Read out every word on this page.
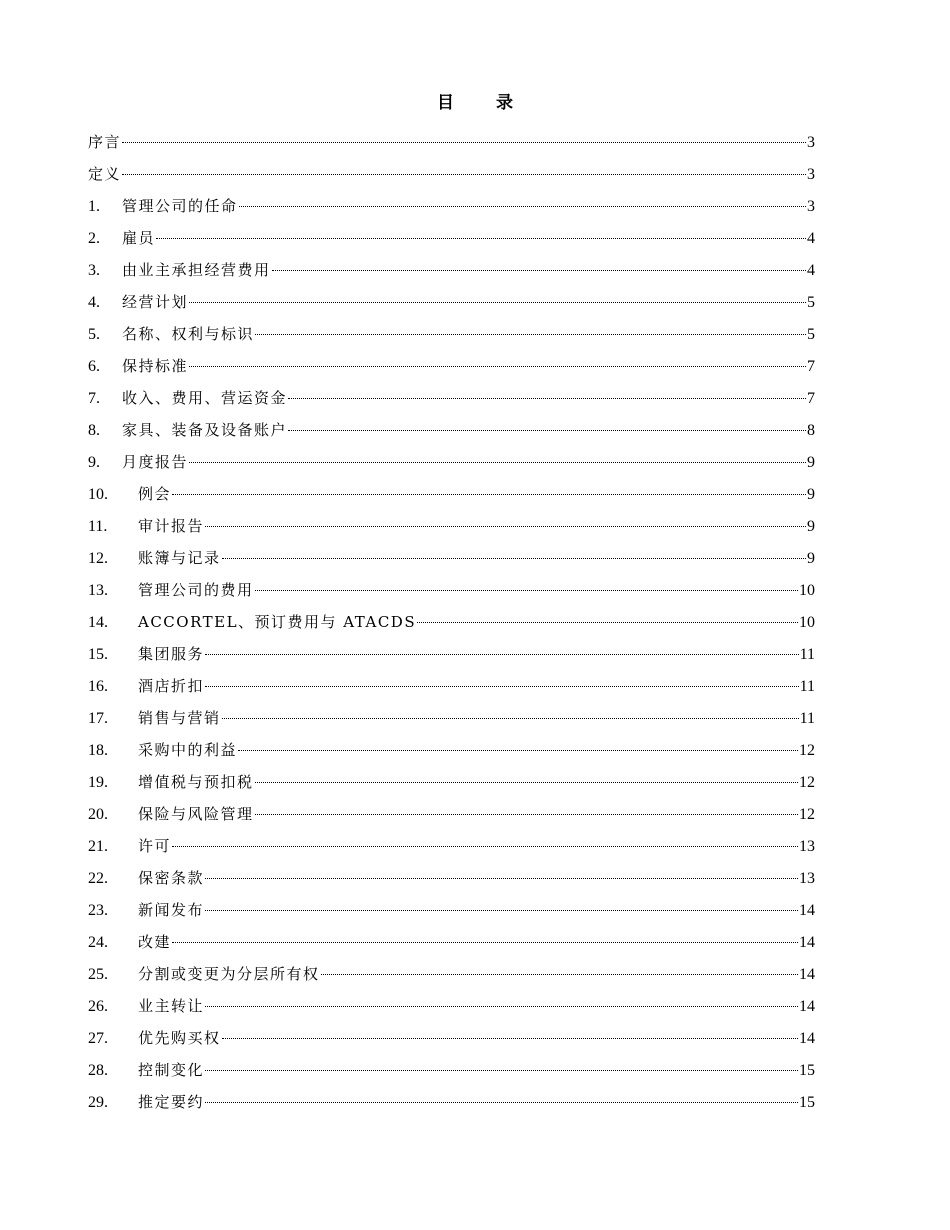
目 录
序言	3
定义	3
1.	管理公司的任命	3
2.	雇员	4
3.	由业主承担经营费用	4
4.	经营计划	5
5.	名称、权利与标识	5
6.	保持标准	7
7.	收入、费用、营运资金	7
8.	家具、装备及设备账户	8
9.	月度报告	9
10.	例会	9
11.	审计报告	9
12.	账簿与记录	9
13.	管理公司的费用	10
14.	ACCORTEL、预订费用与 ATACDS	10
15.	集团服务	11
16.	酒店折扣	11
17.	销售与营销	11
18.	采购中的利益	12
19.	增值税与预扣税	12
20.	保险与风险管理	12
21.	许可	13
22.	保密条款	13
23.	新闻发布	14
24.	改建	14
25.	分割或变更为分层所有权	14
26.	业主转让	14
27.	优先购买权	14
28.	控制变化	15
29.	推定要约	15
